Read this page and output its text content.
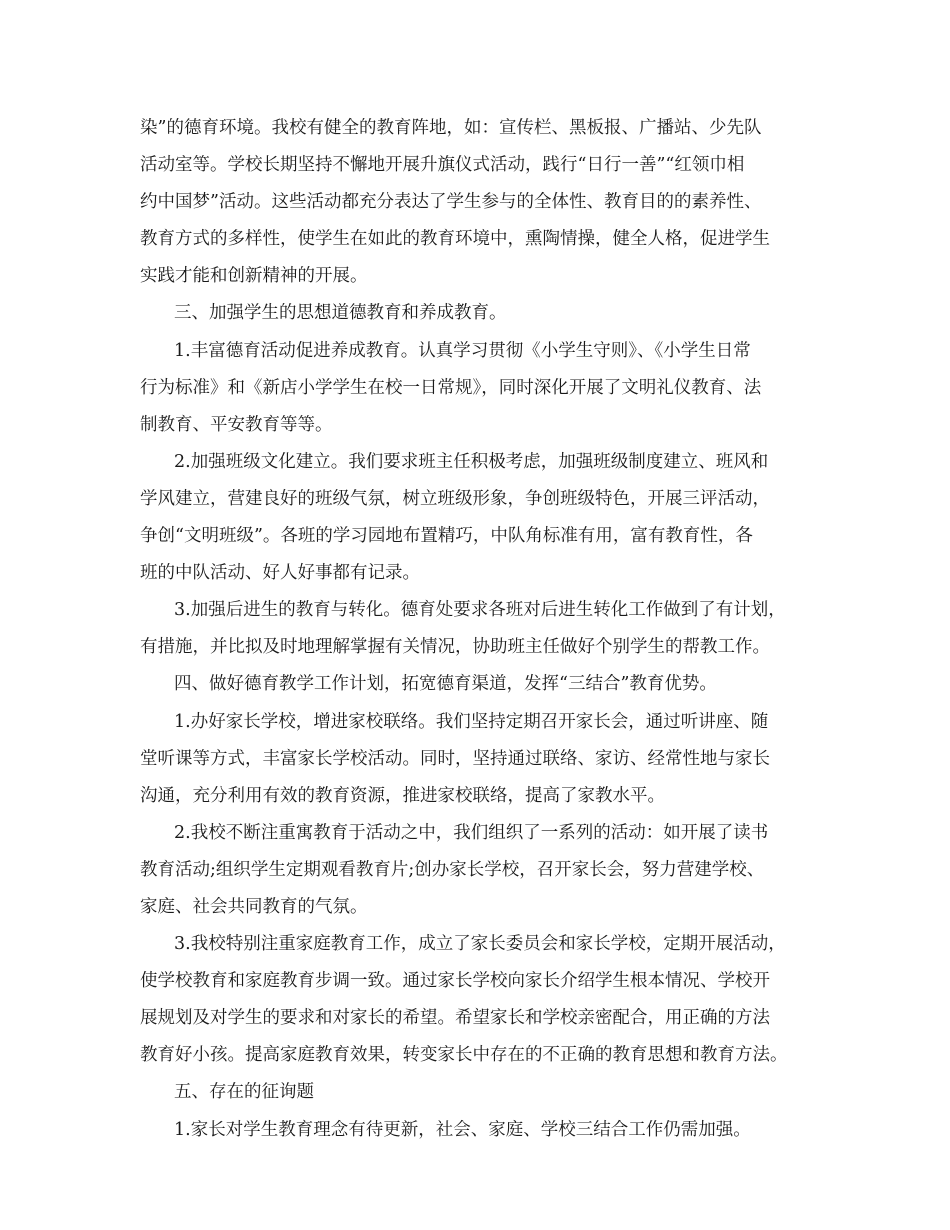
染”的德育环境。我校有健全的教育阵地，如：宣传栏、黑板报、广播站、少先队
活动室等。学校长期坚持不懈地开展升旗仪式活动，践行“日行一善”“红领巾相
约中国梦”活动。这些活动都充分表达了学生参与的全体性、教育目的的素养性、
教育方式的多样性，使学生在如此的教育环境中，熏陶情操，健全人格，促进学生
实践才能和创新精神的开展。
三、加强学生的思想道德教育和养成教育。
1.丰富德育活动促进养成教育。认真学习贯彻《小学生守则》、《小学生日常
行为标准》和《新店小学学生在校一日常规》，同时深化开展了文明礼仪教育、法
制教育、平安教育等等。
2.加强班级文化建立。我们要求班主任积极考虑，加强班级制度建立、班风和
学风建立，营建良好的班级气氛，树立班级形象，争创班级特色，开展三评活动，
争创“文明班级”。各班的学习园地布置精巧，中队角标准有用，富有教育性，各
班的中队活动、好人好事都有记录。
3.加强后进生的教育与转化。德育处要求各班对后进生转化工作做到了有计划，
有措施，并比拟及时地理解掌握有关情况，协助班主任做好个别学生的帮教工作。
四、做好德育教学工作计划，拓宽德育渠道，发挥“三结合”教育优势。
1.办好家长学校，增进家校联络。我们坚持定期召开家长会，通过听讲座、随
堂听课等方式，丰富家长学校活动。同时，坚持通过联络、家访、经常性地与家长
沟通，充分利用有效的教育资源，推进家校联络，提高了家教水平。
2.我校不断注重寓教育于活动之中，我们组织了一系列的活动：如开展了读书
教育活动;组织学生定期观看教育片;创办家长学校，召开家长会，努力营建学校、
家庭、社会共同教育的气氛。
3.我校特别注重家庭教育工作，成立了家长委员会和家长学校，定期开展活动，
使学校教育和家庭教育步调一致。通过家长学校向家长介绍学生根本情况、学校开
展规划及对学生的要求和对家长的希望。希望家长和学校亲密配合，用正确的方法
教育好小孩。提高家庭教育效果，转变家长中存在的不正确的教育思想和教育方法。
五、存在的征询题
1.家长对学生教育理念有待更新，社会、家庭、学校三结合工作仍需加强。
